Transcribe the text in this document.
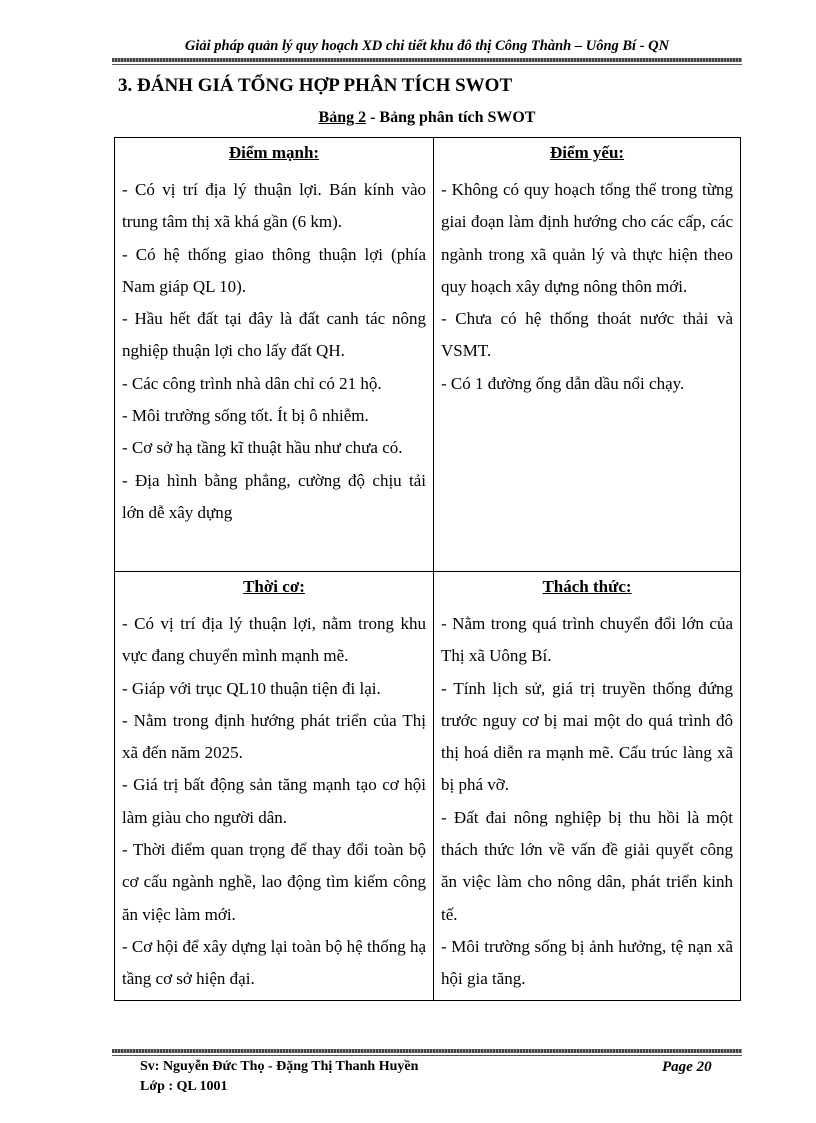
Giải pháp quản lý quy hoạch XD chi tiết khu đô thị Công Thành – Uông Bí - QN
3. ĐÁNH GIÁ TỔNG HỢP PHÂN TÍCH SWOT
Bảng 2 - Bảng phân tích SWOT
Điểm mạnh:
- Có vị trí địa lý thuận lợi. Bán kính vào trung tâm thị xã khá gần (6 km).
- Có hệ thống giao thông thuận lợi (phía Nam giáp QL 10).
- Hầu hết đất tại đây là đất canh tác nông nghiệp thuận lợi cho lấy đất QH.
- Các công trình nhà dân chỉ có 21 hộ.
- Môi trường sống tốt. Ít bị ô nhiễm.
- Cơ sở hạ tầng kĩ thuật hầu như chưa có.
- Địa hình bằng phẳng, cường độ chịu tải lớn dễ xây dựng
Điểm yếu:
- Không có quy hoạch tổng thể trong từng giai đoạn làm định hướng cho các cấp, các ngành trong xã quản lý và thực hiện theo quy hoạch xây dựng nông thôn mới.
- Chưa có hệ thống thoát nước thải và VSMT.
- Có 1 đường ống dẫn dầu nổi chạy.
Thời cơ:
- Có vị trí địa lý thuận lợi, nằm trong khu vực đang chuyển mình mạnh mẽ.
- Giáp với trục QL10 thuận tiện đi lại.
- Nằm trong định hướng phát triển của Thị xã đến năm 2025.
- Giá trị bất động sản tăng mạnh tạo cơ hội làm giàu cho người dân.
- Thời điểm quan trọng để thay đổi toàn bộ cơ cấu ngành nghề, lao động tìm kiếm công ăn việc làm mới.
- Cơ hội để xây dựng lại toàn bộ hệ thống hạ tầng cơ sở hiện đại.
Thách thức:
- Nằm trong quá trình chuyển đổi lớn của Thị xã Uông Bí.
- Tính lịch sử, giá trị truyền thống đứng trước nguy cơ bị mai một do quá trình đô thị hoá diễn ra mạnh mẽ. Cấu trúc làng xã bị phá vỡ.
- Đất đai nông nghiệp bị thu hồi là một thách thức lớn về vấn đề giải quyết công ăn việc làm cho nông dân, phát triển kinh tế.
- Môi trường sống bị ảnh hưởng, tệ nạn xã hội gia tăng.
Sv: Nguyễn Đức Thọ - Đặng Thị Thanh Huyền
Lớp : QL 1001
Page 20
